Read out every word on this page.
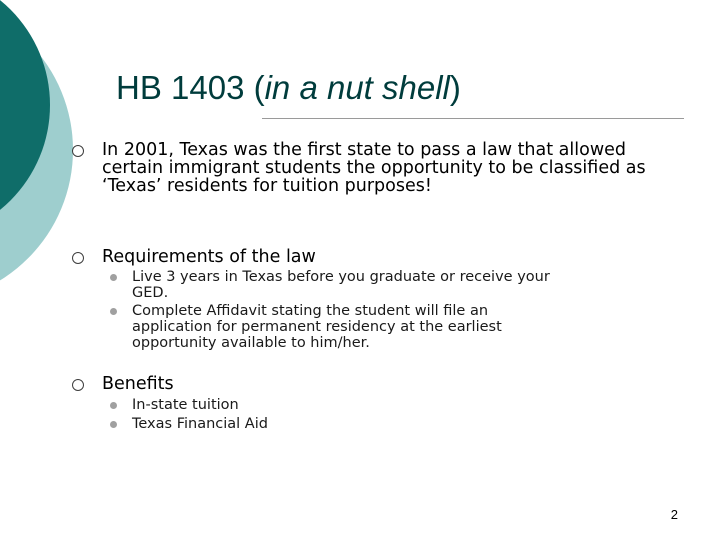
HB 1403 (in a nut shell)
In 2001, Texas was the first state to pass a law that allowed certain immigrant students the opportunity to be classified as ‘Texas’ residents for tuition purposes!
Requirements of the law
Live 3 years in Texas before you graduate or receive your GED.
Complete Affidavit stating the student will file an application for permanent residency at the earliest opportunity available to him/her.
Benefits
In-state tuition
Texas Financial Aid
2
